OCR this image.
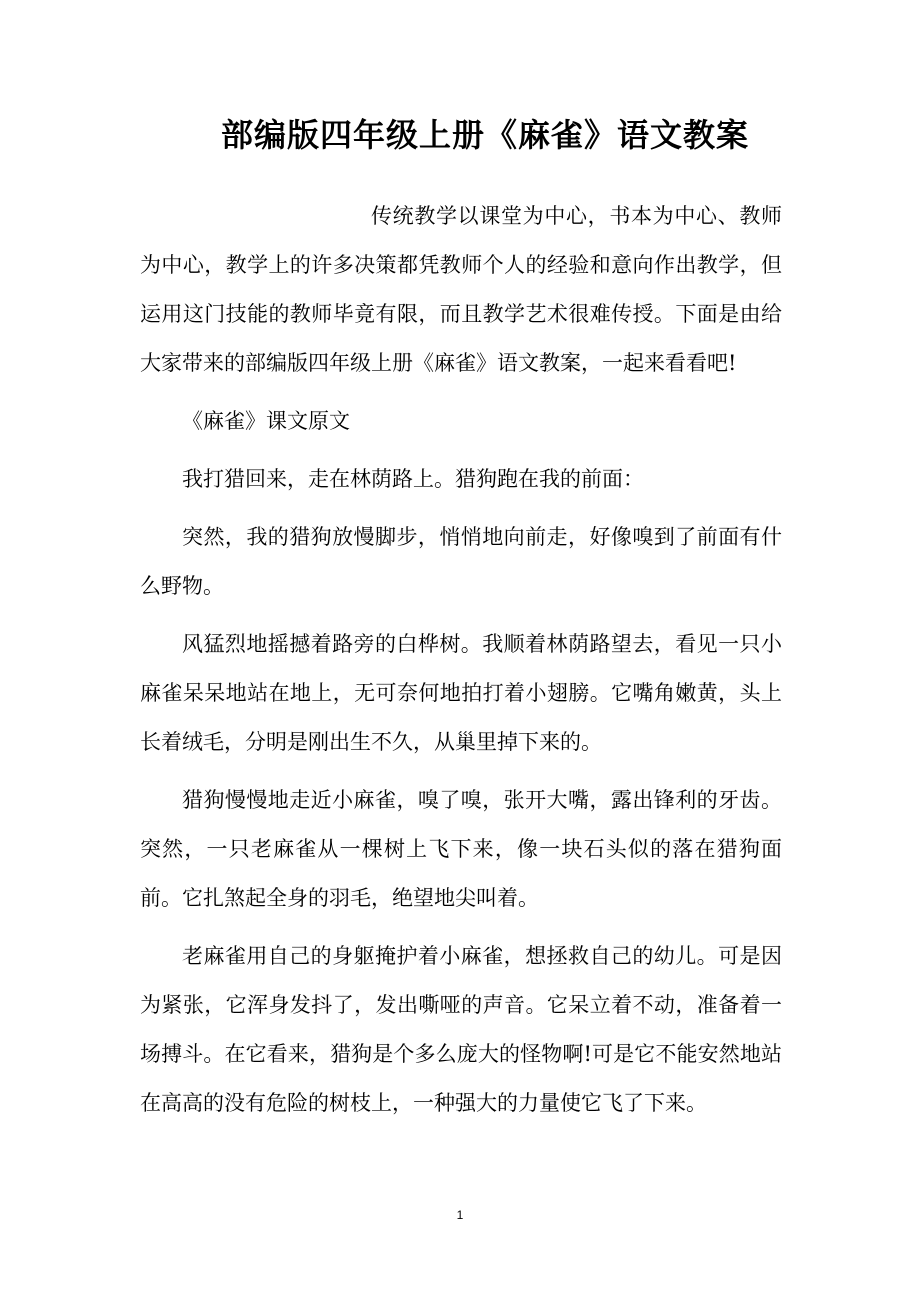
部编版四年级上册《麻雀》语文教案

传统教学以课堂为中心，书本为中心、教师为中心，教学上的许多决策都凭教师个人的经验和意向作出教学，但运用这门技能的教师毕竟有限，而且教学艺术很难传授。下面是由给大家带来的部编版四年级上册《麻雀》语文教案，一起来看看吧!

《麻雀》课文原文

我打猎回来，走在林荫路上。猎狗跑在我的前面：

突然，我的猎狗放慢脚步，悄悄地向前走，好像嗅到了前面有什么野物。

风猛烈地摇撼着路旁的白桦树。我顺着林荫路望去，看见一只小麻雀呆呆地站在地上，无可奈何地拍打着小翅膀。它嘴角嫩黄，头上长着绒毛，分明是刚出生不久，从巢里掉下来的。

猎狗慢慢地走近小麻雀，嗅了嗅，张开大嘴，露出锋利的牙齿。突然，一只老麻雀从一棵树上飞下来，像一块石头似的落在猎狗面前。它扎煞起全身的羽毛，绝望地尖叫着。

老麻雀用自己的身躯掩护着小麻雀，想拯救自己的幼儿。可是因为紧张，它浑身发抖了，发出嘶哑的声音。它呆立着不动，准备着一场搏斗。在它看来，猎狗是个多么庞大的怪物啊!可是它不能安然地站在高高的没有危险的树枝上，一种强大的力量使它飞了下来。

1
